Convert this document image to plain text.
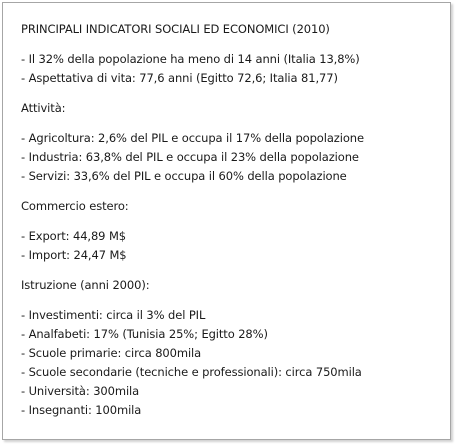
PRINCIPALI INDICATORI SOCIALI ED ECONOMICI (2010)
- Il 32% della popolazione ha meno di 14 anni (Italia 13,8%)
- Aspettativa di vita: 77,6 anni (Egitto 72,6; Italia 81,77)
Attività:
- Agricoltura: 2,6% del PIL e occupa il 17% della popolazione
- Industria: 63,8% del PIL e occupa il 23% della popolazione
- Servizi: 33,6% del PIL e occupa il 60% della popolazione
Commercio estero:
- Export: 44,89 M$
- Import: 24,47 M$
Istruzione (anni 2000):
- Investimenti: circa il 3% del PIL
- Analfabeti: 17% (Tunisia 25%; Egitto 28%)
- Scuole primarie: circa 800mila
- Scuole secondarie (tecniche e professionali): circa 750mila
- Università: 300mila
- Insegnanti: 100mila
